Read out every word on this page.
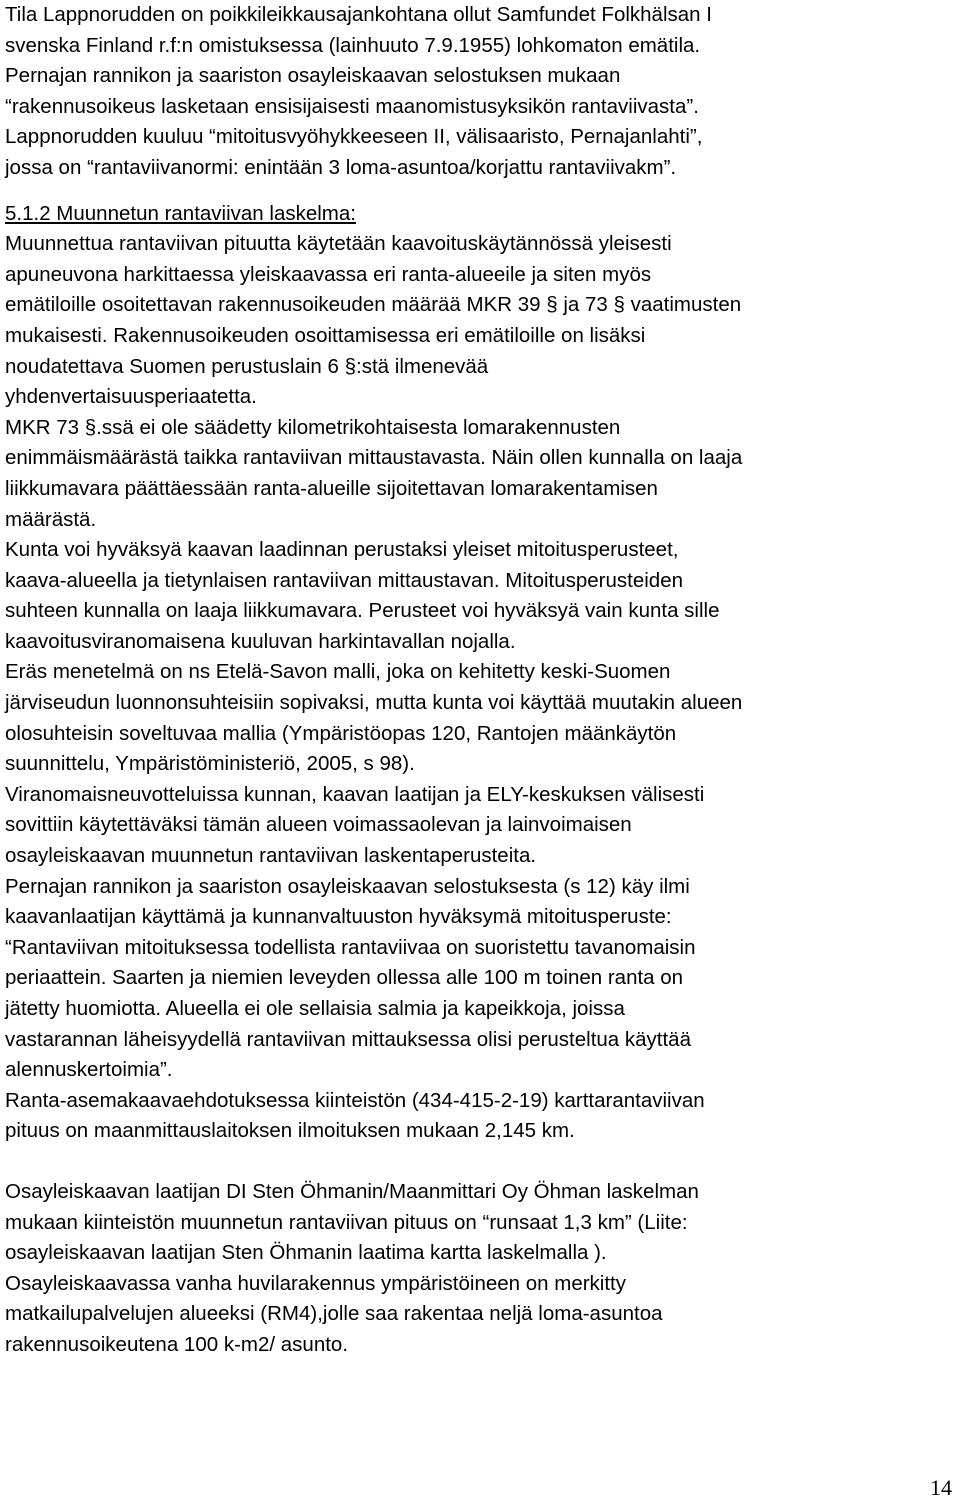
Tila Lappnorudden on poikkileikkausajankohtana ollut Samfundet Folkhälsan I
svenska Finland r.f:n omistuksessa (lainhuuto 7.9.1955) lohkomaton emätila.
Pernajan rannikon ja saariston osayleiskaavan selostuksen mukaan
“rakennusoikeus lasketaan ensisijaisesti maanomistusyksikön rantaviivasta”.
Lappnorudden kuuluu “mitoitusvyöhykkeeseen II, välisaaristo, Pernajanlahti”,
jossa on “rantaviivanormi: enintään 3 loma-asuntoa/korjattu rantaviivakm”.
5.1.2 Muunnetun rantaviivan laskelma:
Muunnettua rantaviivan pituutta käytetään kaavoituskäytännössä yleisesti
apuneuvona harkittaessa yleiskaavassa eri ranta-alueeile ja siten myös
emätiloille osoitettavan rakennusoikeuden määrää MKR 39 § ja 73 § vaatimusten
mukaisesti. Rakennusoikeuden osoittamisessa eri emätiloille on lisäksi
noudatettava Suomen perustuslain 6 §:stä ilmenevää
yhdenvertaisuusperiaatetta.
MKR 73 §.ssä ei ole säädetty kilometrikohtaisesta lomarakennusten
enimmäismäärästä taikka rantaviivan mittaustavasta. Näin ollen kunnalla on laaja
liikkumavara päättäessään ranta-alueille sijoitettavan lomarakentamisen
määrästä.
Kunta voi hyväksyä kaavan laadinnan perustaksi yleiset mitoitusperusteet,
kaava-alueella ja tietynlaisen rantaviivan mittaustavan. Mitoitusperusteiden
suhteen kunnalla on laaja liikkumavara. Perusteet voi hyväksyä vain kunta sille
kaavoitusviranomaisena kuuluvan harkintavallan nojalla.
Eräs menetelmä on ns Etelä-Savon malli, joka on kehitetty keski-Suomen
järviseudun luonnonsuhteisiin sopivaksi, mutta kunta voi käyttää muutakin alueen
olosuhteisin soveltuvaa mallia (Ympäristöopas 120, Rantojen määnkäytön
suunnittelu, Ympäristöministeriö, 2005, s 98).
Viranomaisneuvotteluissa kunnan, kaavan laatijan ja ELY-keskuksen välisesti
sovittiin käytettäväksi tämän alueen voimassaolevan ja lainvoimaisen
osayleiskaavan muunnetun rantaviivan laskentaperusteita.
Pernajan rannikon ja saariston osayleiskaavan selostuksesta (s 12) käy ilmi
kaavanlaatijan käyttämä ja kunnanvaltuuston hyväksymä mitoitusperuste:
“Rantaviivan mitoituksessa todellista rantaviivaa on suoristettu tavanomaisin
periaattein. Saarten ja niemien leveyden ollessa alle 100 m toinen ranta on
jätetty huomiotta. Alueella ei ole sellaisia salmia ja kapeikkoja, joissa
vastarannan läheisyydellä rantaviivan mittauksessa olisi perusteltua käyttää
alennuskertoimia”.
Ranta-asemakaavaehdotuksessa kiinteistön (434-415-2-19) karttarantaviivan
pituus on maanmittauslaitoksen ilmoituksen mukaan 2,145 km.
Osayleiskaavan laatijan DI Sten Öhmanin/Maanmittari Oy Öhman laskelman
mukaan kiinteistön muunnetun rantaviivan pituus on “runsaat 1,3 km” (Liite:
osayleiskaavan laatijan Sten Öhmanin laatima kartta laskelmalla ).
Osayleiskaavassa vanha huvilarakennus ympäristöineen on merkitty
matkailupalvelujen alueeksi (RM4),jolle saa rakentaa neljä loma-asuntoa
rakennusoikeutena 100 k-m2/ asunto.
14
